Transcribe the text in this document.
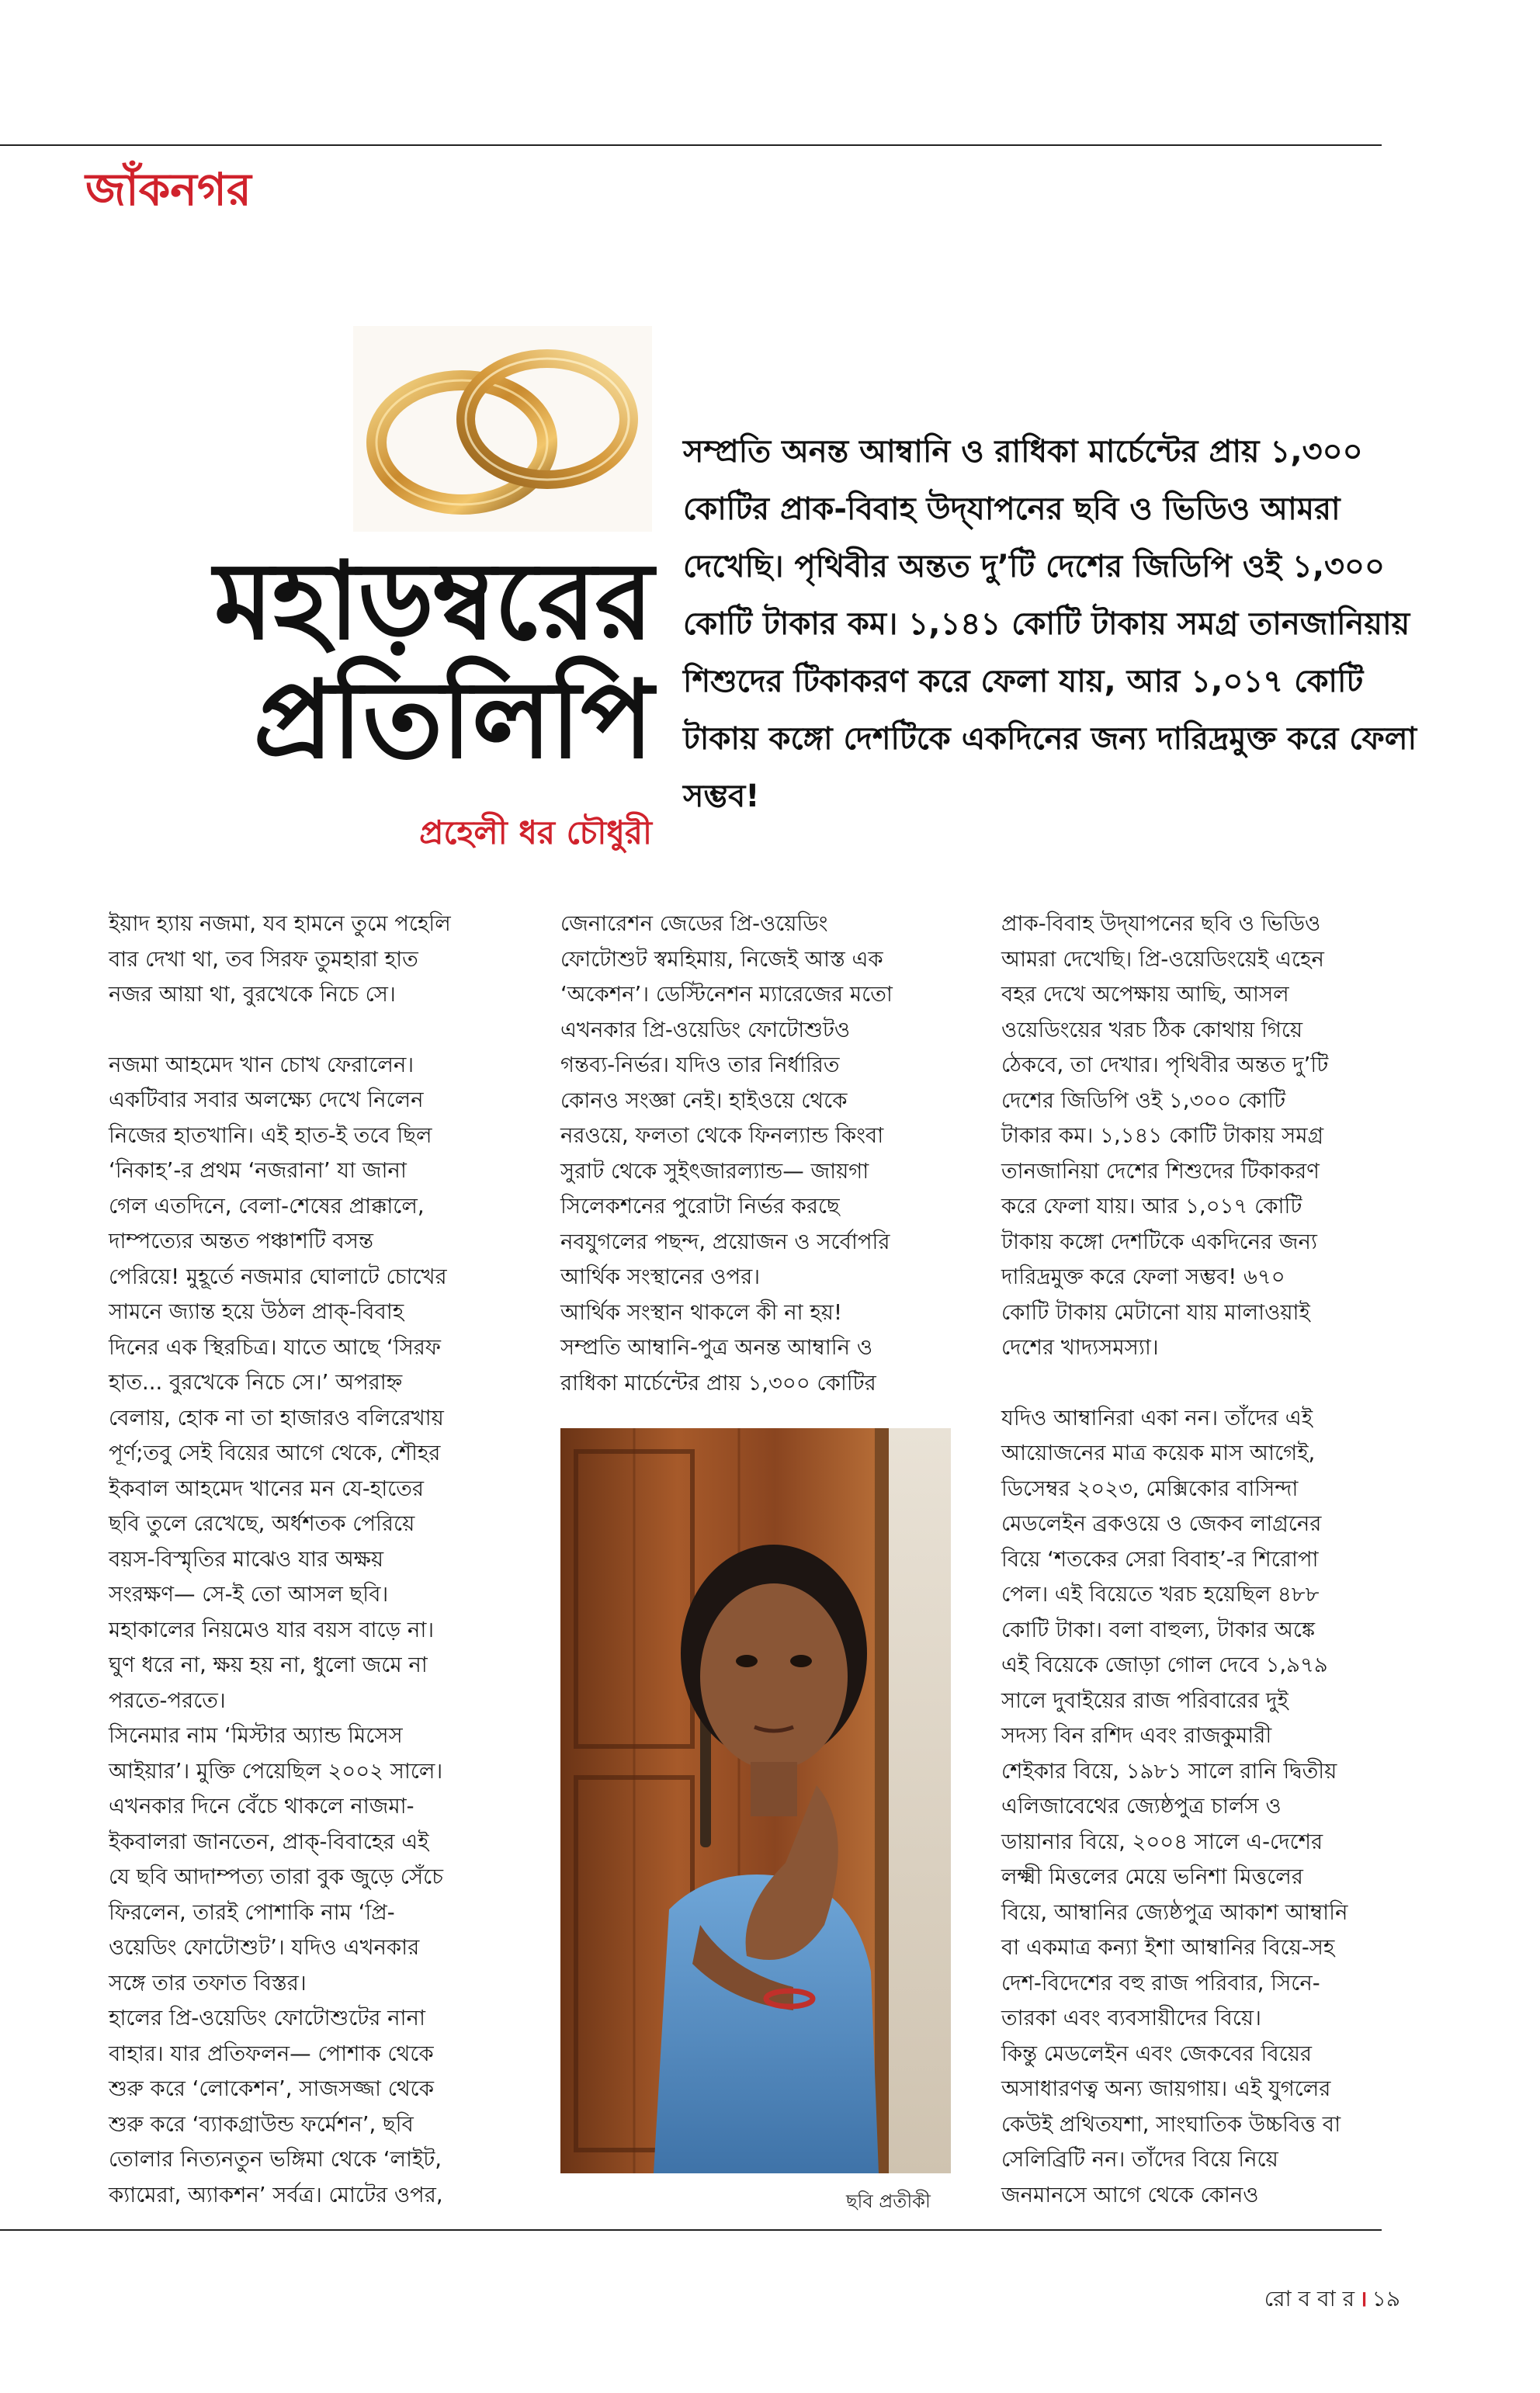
জাঁকনগর
মহাড়ম্বরের
প্রতিলিপি
প্রহেলী ধর চৌধুরী
সম্প্রতি অনন্ত আম্বানি ও রাধিকা মার্চেন্টের প্রায় ১,৩০০ কোটির প্রাক-বিবাহ উদ্‌যাপনের ছবি ও ভিডিও আমরা দেখেছি। পৃথিবীর অন্তত দু’টি দেশের জিডিপি ওই ১,৩০০ কোটি টাকার কম। ১,১৪১ কোটি টাকায় সমগ্র তানজানিয়ায় শিশুদের টিকাকরণ করে ফেলা যায়, আর ১,০১৭ কোটি টাকায় কঙ্গো দেশটিকে একদিনের জন্য দারিদ্রমুক্ত করে ফেলা সম্ভব!

ইয়াদ হ্যায় নজমা, যব হামনে তুমে পহেলি
বার দেখা থা, তব সিরফ তুমহারা হাত
নজর আয়া থা, বুরখেকে নিচে সে।

নজমা আহমেদ খান চোখ ফেরালেন।
একটিবার সবার অলক্ষ্যে দেখে নিলেন
নিজের হাতখানি। এই হাত-ই তবে ছিল
‘নিকাহ’-র প্রথম ‘নজরানা’ যা জানা
গেল এতদিনে, বেলা-শেষের প্রাক্কালে,
দাম্পত্যের অন্তত পঞ্চাশটি বসন্ত
পেরিয়ে! মুহূর্তে নজমার ঘোলাটে চোখের
সামনে জ্যান্ত হয়ে উঠল প্রাক্‌-বিবাহ
দিনের এক স্থিরচিত্র। যাতে আছে ‘সিরফ
হাত... বুরখেকে নিচে সে।’ অপরাহ্ন
বেলায়, হোক না তা হাজারও বলিরেখায়
পূর্ণ;তবু সেই বিয়ের আগে থেকে, শৌহর
ইকবাল আহমেদ খানের মন যে-হাতের
ছবি তুলে রেখেছে, অর্ধশতক পেরিয়ে
বয়স-বিস্মৃতির মাঝেও যার অক্ষয়
সংরক্ষণ— সে-ই তো আসল ছবি।
মহাকালের নিয়মেও যার বয়স বাড়ে না।
ঘুণ ধরে না, ক্ষয় হয় না, ধুলো জমে না
পরতে-পরতে।

সিনেমার নাম ‘মিস্টার অ্যান্ড মিসেস
আইয়ার’। মুক্তি পেয়েছিল ২০০২ সালে।
এখনকার দিনে বেঁচে থাকলে নাজমা-
ইকবালরা জানতেন, প্রাক্‌-বিবাহের এই
যে ছবি আদাম্পত্য তারা বুক জুড়ে সেঁচে
ফিরলেন, তারই পোশাকি নাম ‘প্রি-
ওয়েডিং ফোটোশুট’। যদিও এখনকার
সঙ্গে তার তফাত বিস্তর।

হালের প্রি-ওয়েডিং ফোটোশুটের নানা
বাহার। যার প্রতিফলন— পোশাক থেকে
শুরু করে ‘লোকেশন’, সাজসজ্জা থেকে
শুরু করে ‘ব্যাকগ্রাউন্ড ফর্মেশন’, ছবি
তোলার নিত্যনতুন ভঙ্গিমা থেকে ‘লাইট,
ক্যামেরা, অ্যাকশন’ সর্বত্র। মোটের ওপর,

জেনারেশন জেডের প্রি-ওয়েডিং
ফোটোশুট স্বমহিমায়, নিজেই আস্ত এক
‘অকেশন’। ডেস্টিনেশন ম্যারেজের মতো
এখনকার প্রি-ওয়েডিং ফোটোশুটও
গন্তব্য-নির্ভর। যদিও তার নির্ধারিত
কোনও সংজ্ঞা নেই। হাইওয়ে থেকে
নরওয়ে, ফলতা থেকে ফিনল্যান্ড কিংবা
সুরাট থেকে সুইৎজারল্যান্ড— জায়গা
সিলেকশনের পুরোটা নির্ভর করছে
নবযুগলের পছন্দ, প্রয়োজন ও সর্বোপরি
আর্থিক সংস্থানের ওপর।

আর্থিক সংস্থান থাকলে কী না হয়!
সম্প্রতি আম্বানি-পুত্র অনন্ত আম্বানি ও
রাধিকা মার্চেন্টের প্রায় ১,৩০০ কোটির

প্রাক-বিবাহ উদ্‌যাপনের ছবি ও ভিডিও
আমরা দেখেছি। প্রি-ওয়েডিংয়েই এহেন
বহর দেখে অপেক্ষায় আছি, আসল
ওয়েডিংয়ের খরচ ঠিক কোথায় গিয়ে
ঠেকবে, তা দেখার। পৃথিবীর অন্তত দু’টি
দেশের জিডিপি ওই ১,৩০০ কোটি
টাকার কম। ১,১৪১ কোটি টাকায় সমগ্র
তানজানিয়া দেশের শিশুদের টিকাকরণ
করে ফেলা যায়। আর ১,০১৭ কোটি
টাকায় কঙ্গো দেশটিকে একদিনের জন্য
দারিদ্রমুক্ত করে ফেলা সম্ভব! ৬৭০
কোটি টাকায় মেটানো যায় মালাওয়াই
দেশের খাদ্যসমস্যা।

যদিও আম্বানিরা একা নন। তাঁদের এই
আয়োজনের মাত্র কয়েক মাস আগেই,
ডিসেম্বর ২০২৩, মেক্সিকোর বাসিন্দা
মেডলেইন ব্রকওয়ে ও জেকব লাগ্রনের
বিয়ে ‘শতকের সেরা বিবাহ’-র শিরোপা
পেল। এই বিয়েতে খরচ হয়েছিল ৪৮৮
কোটি টাকা। বলা বাহুল্য, টাকার অঙ্কে
এই বিয়েকে জোড়া গোল দেবে ১,৯৭৯
সালে দুবাইয়ের রাজ পরিবারের দুই
সদস্য বিন রশিদ এবং রাজকুমারী
শেইকার বিয়ে, ১৯৮১ সালে রানি দ্বিতীয়
এলিজাবেথের জ্যেষ্ঠপুত্র চার্লস ও
ডায়ানার বিয়ে, ২০০৪ সালে এ-দেশের
লক্ষ্মী মিত্তলের মেয়ে ভনিশা মিত্তলের
বিয়ে, আম্বানির জ্যেষ্ঠপুত্র আকাশ আম্বানি
বা একমাত্র কন্যা ইশা আম্বানির বিয়ে-সহ
দেশ-বিদেশের বহু রাজ পরিবার, সিনে-
তারকা এবং ব্যবসায়ীদের বিয়ে।

কিন্তু মেডলেইন এবং জেকবের বিয়ের
অসাধারণত্ব অন্য জায়গায়। এই যুগলের
কেউই প্রথিতযশা, সাংঘাতিক উচ্চবিত্ত বা
সেলিব্রিটি নন। তাঁদের বিয়ে নিয়ে
জনমানসে আগে থেকে কোনও

ছবি প্রতীকী
রো ব বা র । ১৯
